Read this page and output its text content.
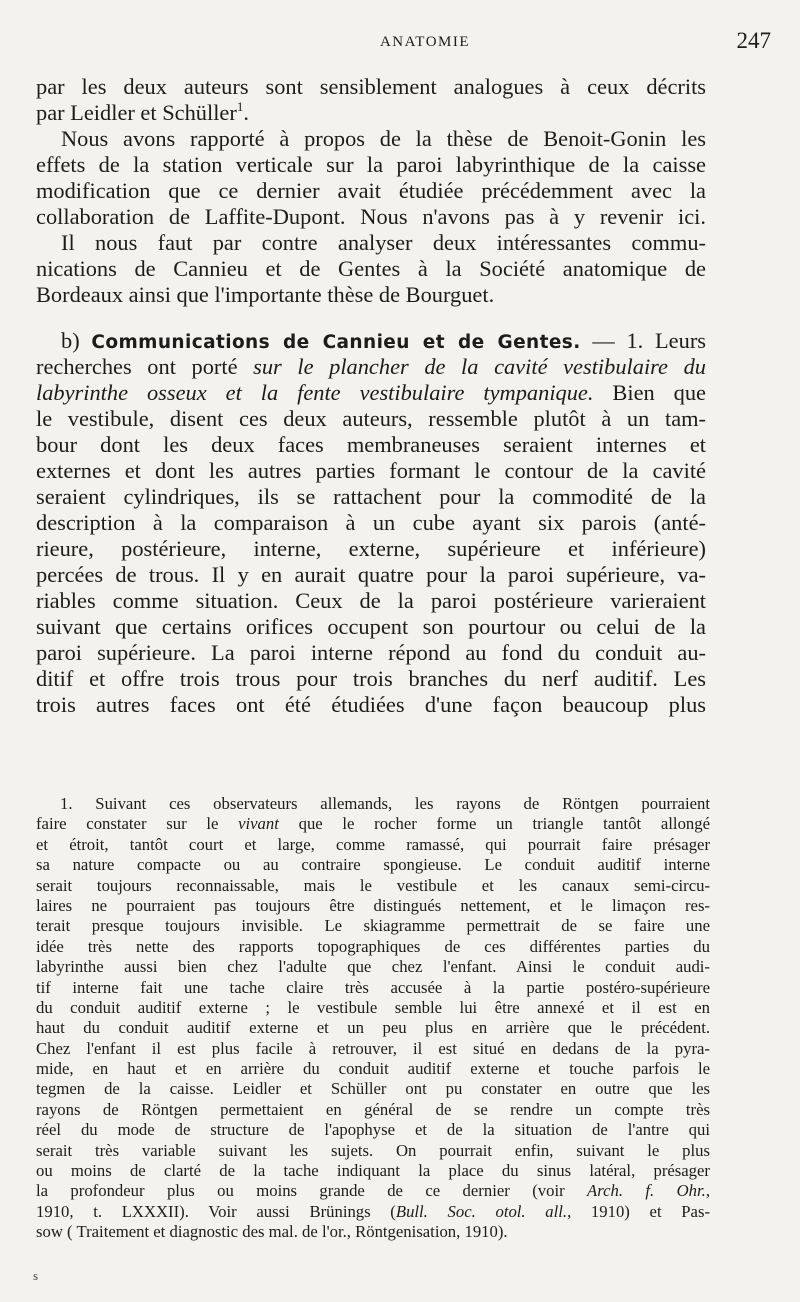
ANATOMIE	247
par les deux auteurs sont sensiblement analogues à ceux décrits
par Leidler et Schüller$^1$.
Nous avons rapporté à propos de la thèse de Benoit-Gonin les
effets de la station verticale sur la paroi labyrinthique de la caisse
modification que ce dernier avait étudiée précédemment avec la
collaboration de Laffite-Dupont. Nous n'avons pas à y revenir ici.
Il nous faut par contre analyser deux intéressantes commu-
nications de Cannieu et de Gentes à la Société anatomique de
Bordeaux ainsi que l'importante thèse de Bourguet.
b) Communications de Cannieu et de Gentes. — 1. Leurs
recherches ont porté sur le plancher de la cavité vestibulaire du
labyrinthe osseux et la fente vestibulaire tympanique. Bien que
le vestibule, disent ces deux auteurs, ressemble plutôt à un tam-
bour dont les deux faces membraneuses seraient internes et
externes et dont les autres parties formant le contour de la cavité
seraient cylindriques, ils se rattachent pour la commodité de la
description à la comparaison à un cube ayant six parois (anté-
rieure, postérieure, interne, externe, supérieure et inférieure)
percées de trous. Il y en aurait quatre pour la paroi supérieure, va-
riables comme situation. Ceux de la paroi postérieure varieraient
suivant que certains orifices occupent son pourtour ou celui de la
paroi supérieure. La paroi interne répond au fond du conduit au-
ditif et offre trois trous pour trois branches du nerf auditif. Les
trois autres faces ont été étudiées d'une façon beaucoup plus
1. Suivant ces observateurs allemands, les rayons de Röntgen pourraient
faire constater sur le vivant que le rocher forme un triangle tantôt allongé
et étroit, tantôt court et large, comme ramassé, qui pourrait faire présager
sa nature compacte ou au contraire spongieuse. Le conduit auditif interne
serait toujours reconnaissable, mais le vestibule et les canaux semi-circu-
laires ne pourraient pas toujours être distingués nettement, et le limaçon res-
terait presque toujours invisible. Le skiagramme permettrait de se faire une
idée très nette des rapports topographiques de ces différentes parties du
labyrinthe aussi bien chez l'adulte que chez l'enfant. Ainsi le conduit audi-
tif interne fait une tache claire très accusée à la partie postéro-supérieure
du conduit auditif externe ; le vestibule semble lui être annexé et il est en
haut du conduit auditif externe et un peu plus en arrière que le précédent.
Chez l'enfant il est plus facile à retrouver, il est situé en dedans de la pyra-
mide, en haut et en arrière du conduit auditif externe et touche parfois le
tegmen de la caisse. Leidler et Schüller ont pu constater en outre que les
rayons de Röntgen permettaient en général de se rendre un compte très
réel du mode de structure de l'apophyse et de la situation de l'antre qui
serait très variable suivant les sujets. On pourrait enfin, suivant le plus
ou moins de clarté de la tache indiquant la place du sinus latéral, présager
la profondeur plus ou moins grande de ce dernier (voir Arch. f. Ohr.,
1910, t. LXXXII). Voir aussi Brünings (Bull. Soc. otol. all., 1910) et Pas-
sow ( Traitement et diagnostic des mal. de l'or., Röntgenisation, 1910).
s
